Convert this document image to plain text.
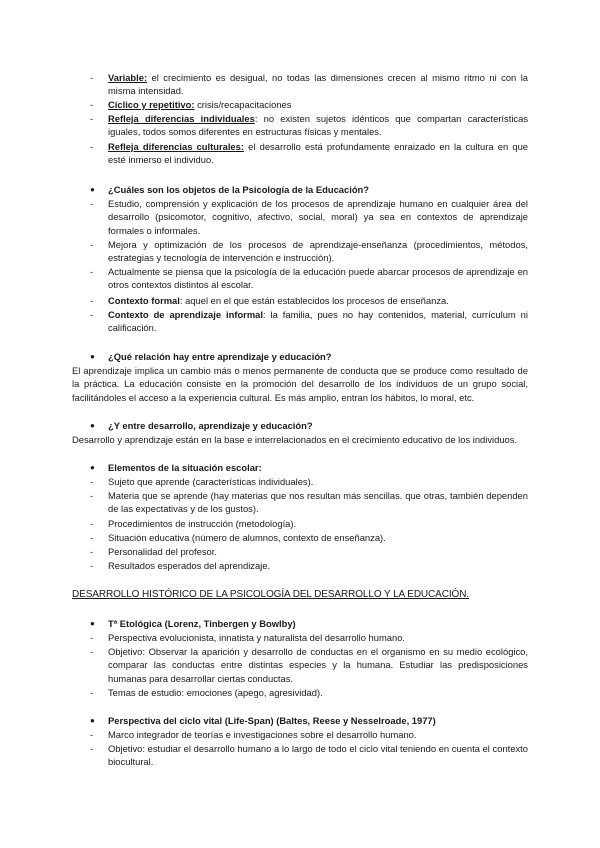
- Variable: el crecimiento es desigual, no todas las dimensiones crecen al mismo ritmo ni con la misma intensidad.
- Cíclico y repetitivo: crisis/recapacitaciones
- Refleja diferencias individuales: no existen sujetos idénticos que compartan características iguales, todos somos diferentes en estructuras físicas y mentales.
- Refleja diferencias culturales: el desarrollo está profundamente enraizado en la cultura en que esté inmerso el individuo.
● ¿Cuáles son los objetos de la Psicología de la Educación?
- Estudio, comprensión y explicación de los procesos de aprendizaje humano en cualquier área del desarrollo (psicomotor, cognitivo, afectivo, social, moral) ya sea en contextos de aprendizaje formales o informales.
- Mejora y optimización de los procesos de aprendizaje-enseñanza (procedimientos, métodos, estrategias y tecnología de intervención e instrucción).
- Actualmente se piensa que la psicología de la educación puede abarcar procesos de aprendizaje en otros contextos distintos al escolar.
- Contexto formal: aquel en el que están establecidos los procesos de enseñanza.
- Contexto de aprendizaje informal: la familia, pues no hay contenidos, material, currículum ni calificación.
● ¿Qué relación hay entre aprendizaje y educación?
El aprendizaje implica un cambio más o menos permanente de conducta que se produce como resultado de la práctica. La educación consiste en la promoción del desarrollo de los individuos de un grupo social, facilitándoles el acceso a la experiencia cultural. Es más amplio, entran los hábitos, lo moral, etc.
● ¿Y entre desarrollo, aprendizaje y educación?
Desarrollo y aprendizaje están en la base e interrelacionados en el crecimiento educativo de los individuos.
● Elementos de la situación escolar:
- Sujeto que aprende (características individuales).
- Materia que se aprende (hay materias que nos resultan más sencillas. que otras, también dependen de las expectativas y de los gustos).
- Procedimientos de instrucción (metodología).
- Situación educativa (número de alumnos, contexto de enseñanza).
- Personalidad del profesor.
- Resultados esperados del aprendizaje.
DESARROLLO HISTÓRICO DE LA PSICOLOGÍA DEL DESARROLLO Y LA EDUCACIÓN.
● Tª Etológica (Lorenz, Tinbergen y Bowlby)
- Perspectiva evolucionista, innatista y naturalista del desarrollo humano.
- Objetivo: Observar la aparición y desarrollo de conductas en el organismo en su medio ecológico, comparar las conductas entre distintas especies y la humana. Estudiar las predisposiciones humanas para desarrollar ciertas conductas.
- Temas de estudio: emociones (apego, agresividad).
● Perspectiva del ciclo vital (Life-Span) (Baltes, Reese y Nesselroade, 1977)
- Marco integrador de teorías e investigaciones sobre el desarrollo humano.
- Objetivo: estudiar el desarrollo humano a lo largo de todo el ciclo vital teniendo en cuenta el contexto biocultural.
